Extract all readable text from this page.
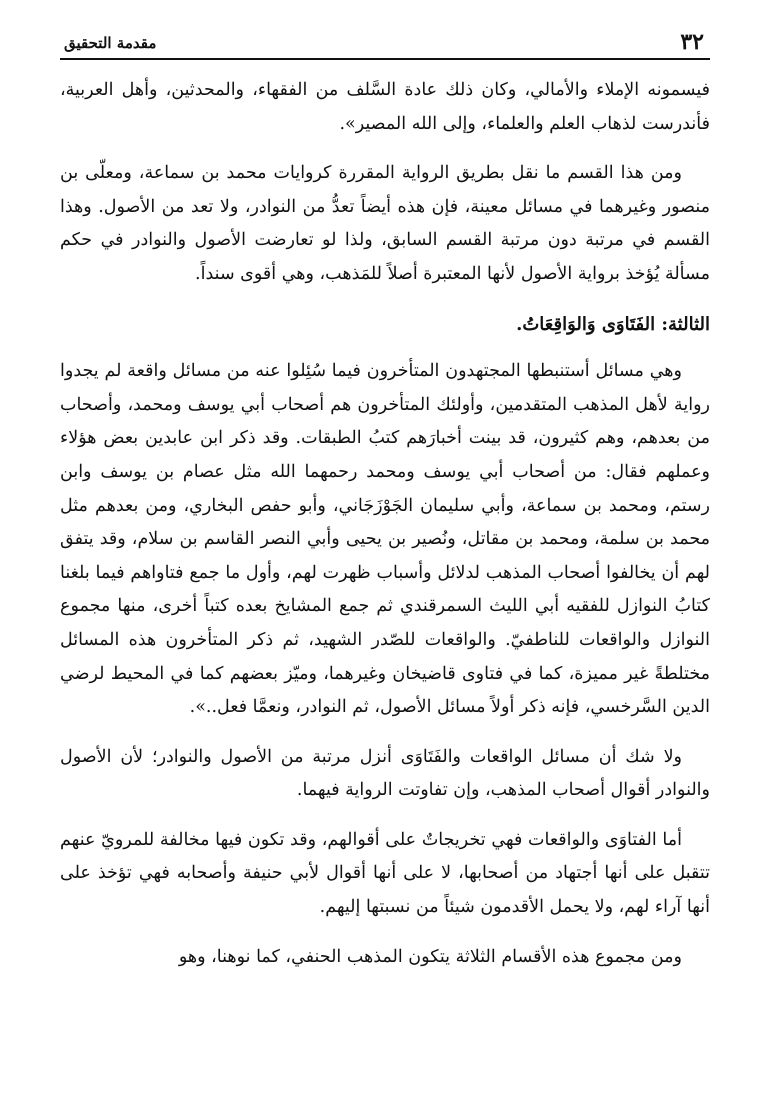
٣٢
مقدمة التحقيق

فيسمونه الإملاء والأمالي، وكان ذلك عادة السَّلف من الفقهاء، والمحدثين، وأهل العربية، فأندرست لذهاب العلم والعلماء، وإلى الله المصير».

ومن هذا القسم ما نقل بطريق الرواية المقررة كروايات محمد بن سماعة، ومعلّى بن منصور وغيرهما في مسائل معينة، فإن هذه أيضاً تعدُّ من النوادر، ولا تعد من الأصول. وهذا القسم في مرتبة دون مرتبة القسم السابق، ولذا لو تعارضت الأصول والنوادر في حكم مسألة يُؤخذ برواية الأصول لأنها المعتبرة أصلاً للمَذهب، وهي أقوى سنداً.

الثالثة: الفَتَاوَى وَالوَاقِعَاتُ.

وهي مسائل أستنبطها المجتهدون المتأخرون فيما سُئِلوا عنه من مسائل واقعة لم يجدوا رواية لأهل المذهب المتقدمين، وأولئك المتأخرون هم أصحاب أبي يوسف ومحمد، وأصحاب من بعدهم، وهم كثيرون، قد بينت أخبارَهم كتبُ الطبقات. وقد ذكر ابن عابدين بعض هؤلاء وعملهم فقال: من أصحاب أبي يوسف ومحمد رحمهما الله مثل عصام بن يوسف وابن رستم، ومحمد بن سماعة، وأبي سليمان الجَوْزَجَاني، وأبو حفص البخاري، ومن بعدهم مثل محمد بن سلمة، ومحمد بن مقاتل، ونُصير بن يحيى وأبي النصر القاسم بن سلام، وقد يتفق لهم أن يخالفوا أصحاب المذهب لدلائل وأسباب ظهرت لهم، وأول ما جمع فتاواهم فيما بلغنا كتابُ النوازل للفقيه أبي الليث السمرقندي ثم جمع المشايخ بعده كتباً أخرى، منها مجموع النوازل والواقعات للناطفيّ. والواقعات للصّدر الشهيد، ثم ذكر المتأخرون هذه المسائل مختلطةً غير مميزة، كما في فتاوى قاضيخان وغيرهما، وميّز بعضهم كما في المحيط لرضي الدين السَّرخسي، فإنه ذكر أولاً مسائل الأصول، ثم النوادر، ونعمَّا فعل..».

ولا شك أن مسائل الواقعات والفَتَاوَى أنزل مرتبة من الأصول والنوادر؛ لأن الأصول والنوادر أقوال أصحاب المذهب، وإن تفاوتت الرواية فيهما.

أما الفتاوَى والواقعات فهي تخريجاتٌ على أقوالهم، وقد تكون فيها مخالفة للمرويّ عنهم تتقبل على أنها أجتهاد من أصحابها، لا على أنها أقوال لأبي حنيفة وأصحابه فهي تؤخذ على أنها آراء لهم، ولا يحمل الأقدمون شيئاً من نسبتها إليهم.

ومن مجموع هذه الأقسام الثلاثة يتكون المذهب الحنفي، كما نوهنا، وهو
